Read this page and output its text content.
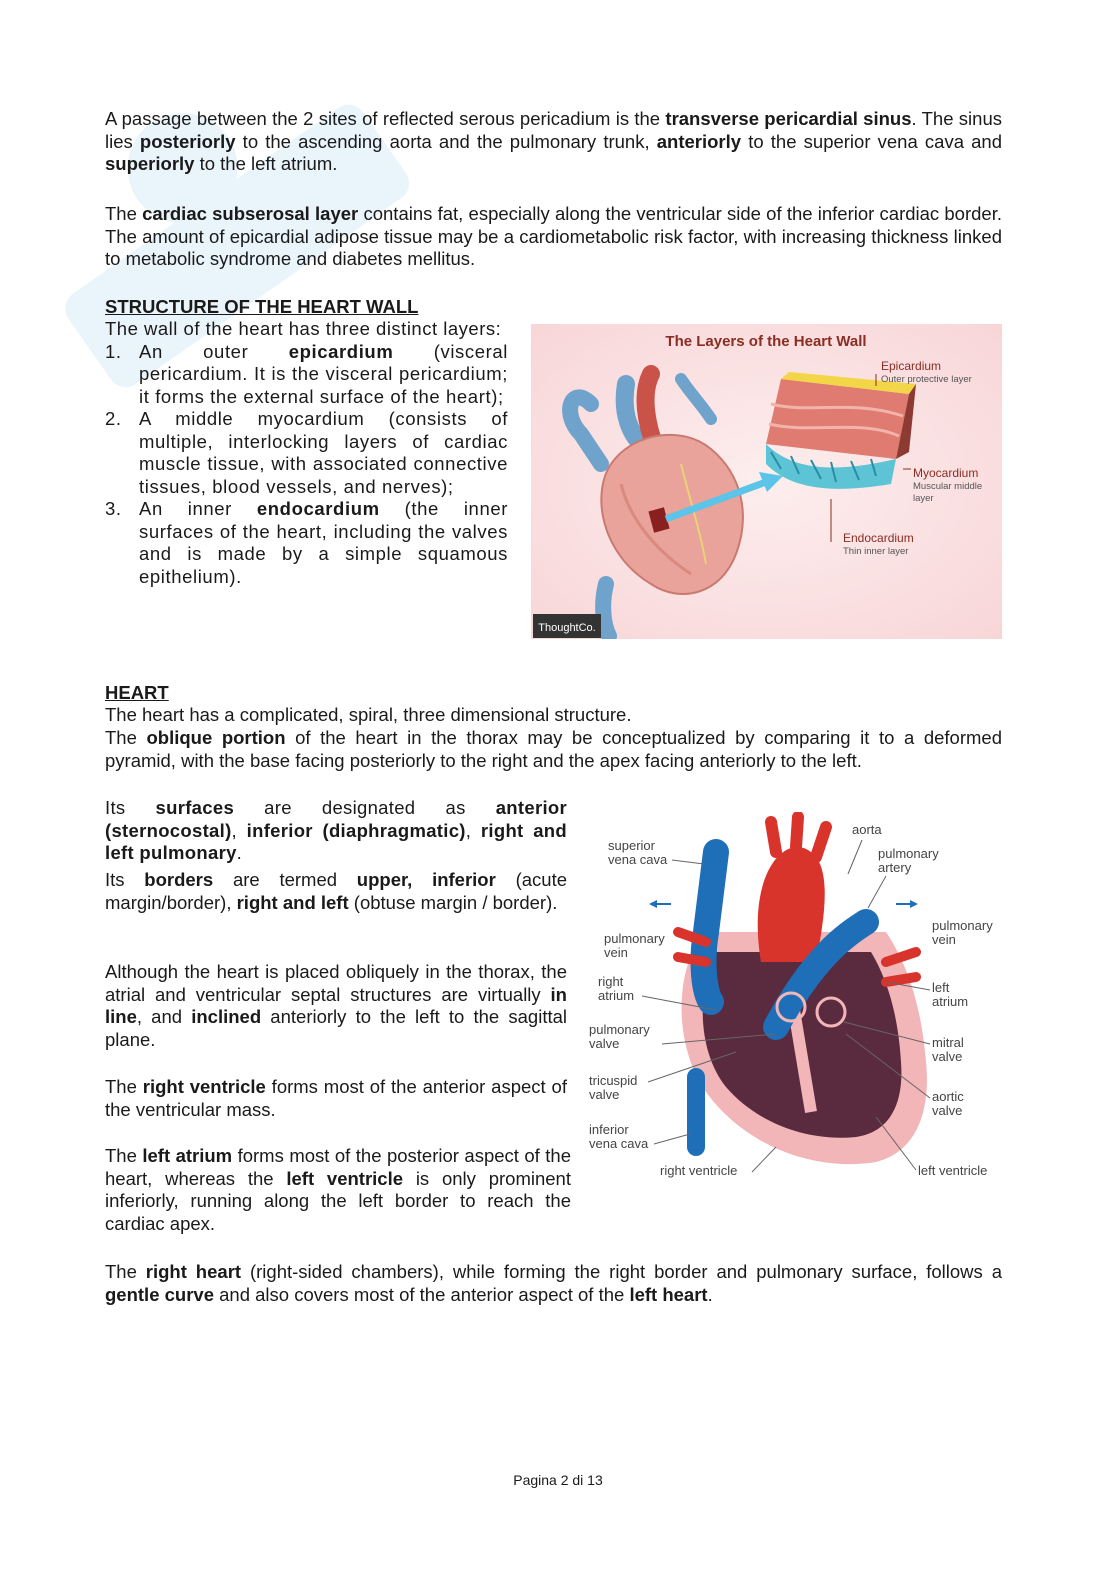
A passage between the 2 sites of reflected serous pericadium is the transverse pericardial sinus. The sinus lies posteriorly to the ascending aorta and the pulmonary trunk, anteriorly to the superior vena cava and superiorly to the left atrium.

The cardiac subserosal layer contains fat, especially along the ventricular side of the inferior cardiac border. The amount of epicardial adipose tissue may be a cardiometabolic risk factor, with increasing thickness linked to metabolic syndrome and diabetes mellitus.

STRUCTURE OF THE HEART WALL

The wall of the heart has three distinct layers:

1. An outer epicardium (visceral pericardium. It is the visceral pericardium; it forms the external surface of the heart);
2. A middle myocardium (consists of multiple, interlocking layers of cardiac muscle tissue, with associated connective tissues, blood vessels, and nerves);
3. An inner endocardium (the inner surfaces of the heart, including the valves and is made by a simple squamous epithelium).
The Layers of the Heart Wall
Epicardium
Outer protective layer
Myocardium
Muscular middle
layer
Endocardium
Thin inner layer
ThoughtCo.
HEART

The heart has a complicated, spiral, three dimensional structure.

The oblique portion of the heart in the thorax may be conceptualized by comparing it to a deformed pyramid, with the base facing posteriorly to the right and the apex facing anteriorly to the left.

Its surfaces are designated as anterior (sternocostal), inferior (diaphragmatic), right and left pulmonary.

Its borders are termed upper, inferior (acute margin/border), right and left (obtuse margin / border).

Although the heart is placed obliquely in the thorax, the atrial and ventricular septal structures are virtually in line, and inclined anteriorly to the left to the sagittal plane.

The right ventricle forms most of the anterior aspect of the ventricular mass.

The left atrium forms most of the posterior aspect of the heart, whereas the left ventricle is only prominent inferiorly, running along the left border to reach the cardiac apex.

aorta
superior
vena cava	pulmonary
artery
pulmonary
vein
pulmonary
vein
right
atrium
left
atrium
pulmonary
valve	mitral
valve
tricuspid
valve	aortic
valve
inferior
vena cava
right ventricle	left ventricle

The right heart (right-sided chambers), while forming the right border and pulmonary surface, follows a gentle curve and also covers most of the anterior aspect of the left heart.

Pagina 2 di 13
